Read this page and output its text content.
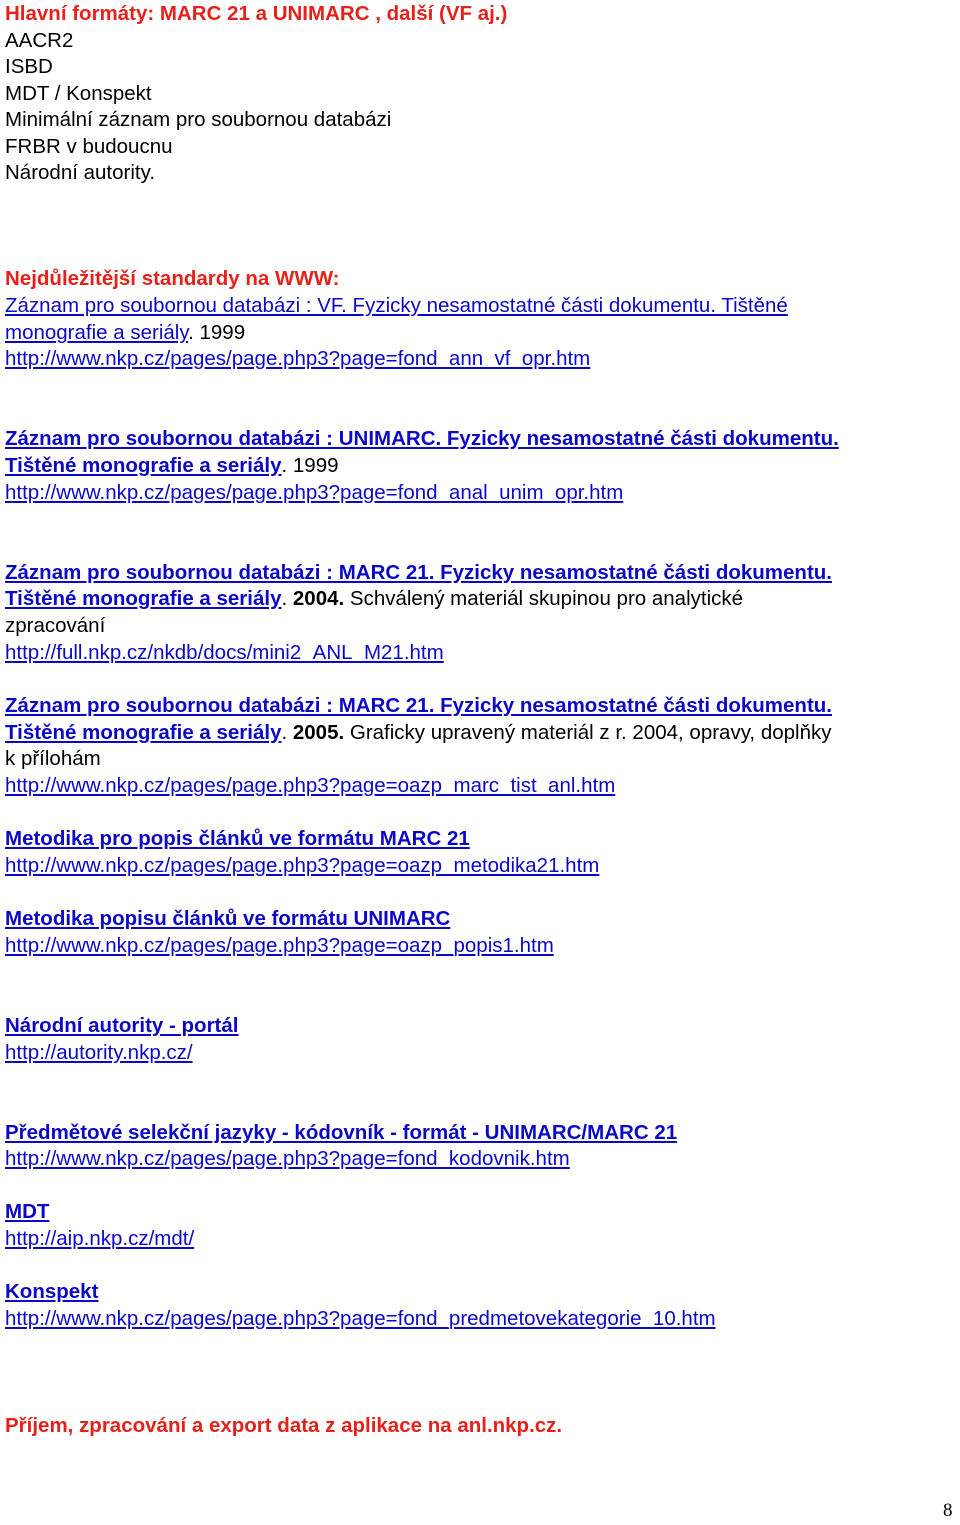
Hlavní formáty: MARC 21 a UNIMARC , další (VF aj.)
AACR2
ISBD
MDT / Konspekt
Minimální záznam pro soubornou databázi
FRBR v budoucnu
Národní autority.
Nejdůležitější standardy na WWW:
Záznam pro soubornou databázi : VF. Fyzicky nesamostatné části dokumentu. Tištěné
monografie a seriály. 1999
http://www.nkp.cz/pages/page.php3?page=fond_ann_vf_opr.htm
Záznam pro soubornou databázi : UNIMARC. Fyzicky nesamostatné části dokumentu.
Tištěné monografie a seriály. 1999
http://www.nkp.cz/pages/page.php3?page=fond_anal_unim_opr.htm
Záznam pro soubornou databázi : MARC 21. Fyzicky nesamostatné části dokumentu.
Tištěné monografie a seriály. 2004. Schválený materiál skupinou pro analytické
zpracování
http://full.nkp.cz/nkdb/docs/mini2_ANL_M21.htm
Záznam pro soubornou databázi : MARC 21. Fyzicky nesamostatné části dokumentu.
Tištěné monografie a seriály. 2005. Graficky upravený materiál z r. 2004, opravy, doplňky
k přílohám
http://www.nkp.cz/pages/page.php3?page=oazp_marc_tist_anl.htm
Metodika pro popis článků ve formátu MARC 21
http://www.nkp.cz/pages/page.php3?page=oazp_metodika21.htm
Metodika popisu článků ve formátu UNIMARC
http://www.nkp.cz/pages/page.php3?page=oazp_popis1.htm
Národní autority - portál
http://autority.nkp.cz/
Předmětové selekční jazyky - kódovník - formát - UNIMARC/MARC 21
http://www.nkp.cz/pages/page.php3?page=fond_kodovnik.htm
MDT
http://aip.nkp.cz/mdt/
Konspekt
http://www.nkp.cz/pages/page.php3?page=fond_predmetovekategorie_10.htm
Příjem, zpracování a export data z aplikace na anl.nkp.cz.
8
